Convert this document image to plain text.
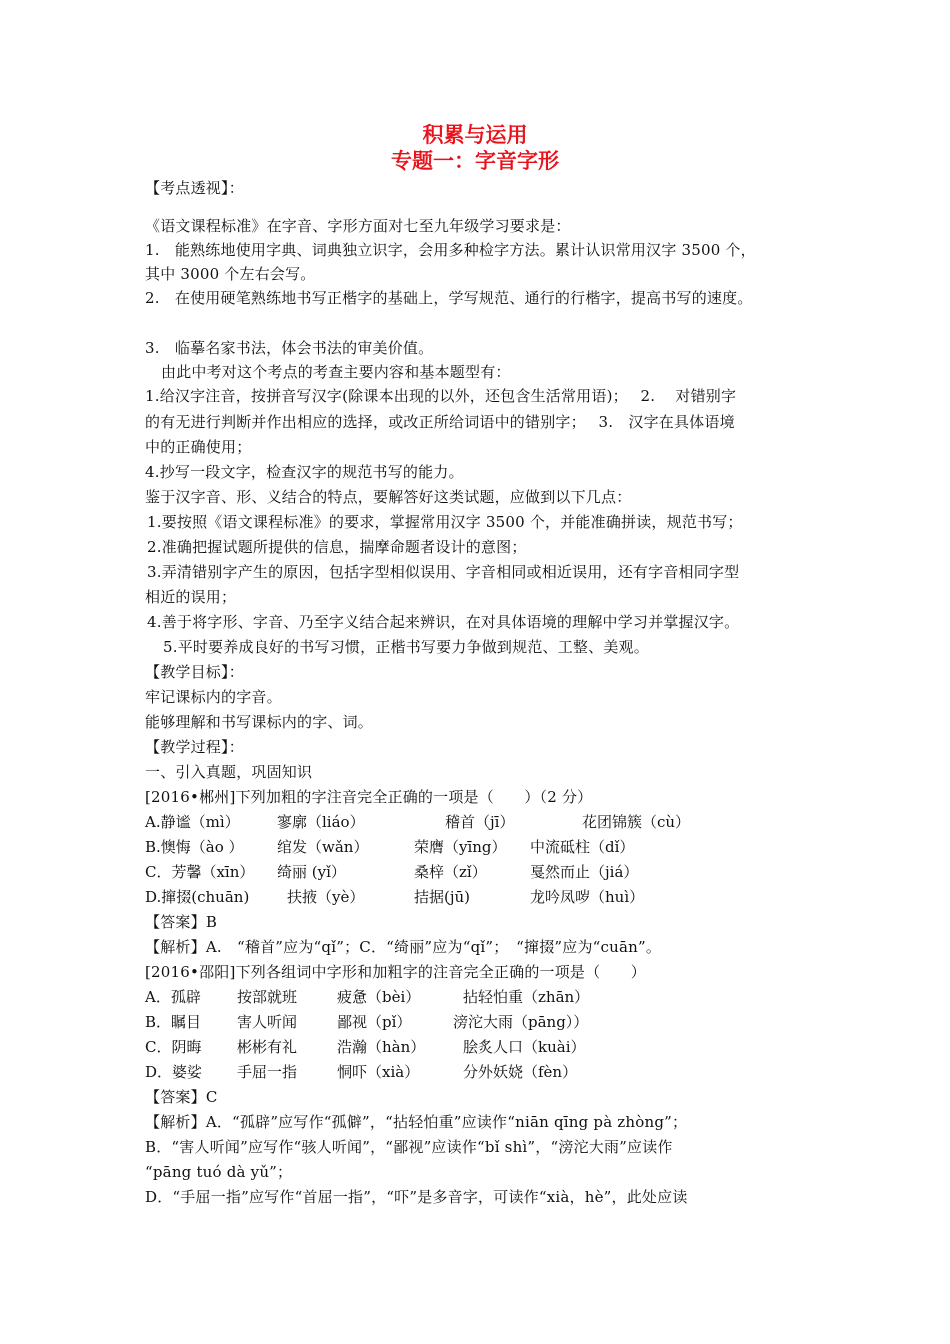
积累与运用
专题一：字音字形
【考点透视】：
《语文课程标准》在字音、字形方面对七至九年级学习要求是：
1.　能熟练地使用字典、词典独立识字，会用多种检字方法。累计认识常用汉字 3500 个，
其中 3000 个左右会写。
2.　在使用硬笔熟练地书写正楷字的基础上，学写规范、通行的行楷字，提高书写的速度。
3.　临摹名家书法，体会书法的审美价值。
由此中考对这个考点的考查主要内容和基本题型有：
1.给汉字注音，按拼音写汉字(除课本出现的以外，还包含生活常用语)；　 2.　 对错别字
的有无进行判断并作出相应的选择，或改正所给词语中的错别字；　 3.　汉字在具体语境
中的正确使用；
4.抄写一段文字，检查汉字的规范书写的能力。
鉴于汉字音、形、义结合的特点，要解答好这类试题，应做到以下几点：
1.要按照《语文课程标准》的要求，掌握常用汉字 3500 个，并能准确拼读，规范书写；
2.准确把握试题所提供的信息，揣摩命题者设计的意图；
3.弄清错别字产生的原因，包括字型相似误用、字音相同或相近误用，还有字音相同字型
相近的误用；
4.善于将字形、字音、乃至字义结合起来辨识，在对具体语境的理解中学习并掌握汉字。
5.平时要养成良好的书写习惯，正楷书写要力争做到规范、工整、美观。
【教学目标】：
牢记课标内的字音。
能够理解和书写课标内的字、词。
【教学过程】：
一、引入真题，巩固知识
[2016•郴州]下列加粗的字注音完全正确的一项是（　　）（2 分）
A.静谧（mì） 寥廓（liáo）	稽首（jī）	花团锦簇（cù）
B.懊悔（ào ） 绾发（wǎn）	荣膺（yīng） 中流砥柱（dǐ）
C．芳馨（xīn） 绮丽 (yǐ）	桑梓（zǐ）	戛然而止（jiá）
D.撺掇(chuān)	扶掖（yè）	拮据(jū)	龙吟凤哕（huì）
【答案】B
【解析】A.　“稽首”应为“qǐ”；C．“绮丽”应为“qǐ”；　“撺掇”应为“cuān”。
[2016•邵阳]下列各组词中字形和加粗字的注音完全正确的一项是（　　）
A．孤辟 按部就班	疲惫（bèi）	拈轻怕重（zhān）
B．瞩目 害人听闻	鄙视（pǐ）	滂沱大雨（pāng））
C．阴晦 彬彬有礼	浩瀚（hàn）	脍炙人口（kuài）
D．婆娑 手屈一指	恫吓（xià）	分外妖娆（fèn）
【答案】C
【解析】A．“孤辟”应写作“孤僻”，“拈轻怕重”应读作“niān qīng pà zhòng”；
B．“害人听闻”应写作“骇人听闻”，“鄙视”应读作“bǐ shì”，“滂沱大雨”应读作
“pāng tuó dà yǔ”；
D．“手屈一指”应写作“首屈一指”，“吓”是多音字，可读作“xià，hè”，此处应读
